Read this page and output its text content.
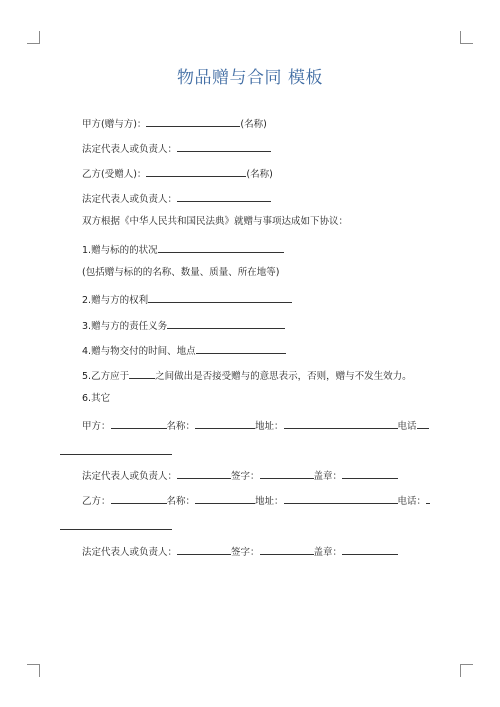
物品赠与合同 模板
甲方(赠与方)：	(名称)
法定代表人或负责人：
乙方(受赠人)：	(名称)
法定代表人或负责人：
双方根据《中华人民共和国民法典》就赠与事项达成如下协议：
1.赠与标的的状况
(包括赠与标的的名称、数量、质量、所在地等)
2.赠与方的权利
3.赠与方的责任义务
4.赠与物交付的时间、地点
5.乙方应于	之间做出是否接受赠与的意思表示，否则，赠与不发生效力。
6.其它
甲方：	名称：	地址：	电话
法定代表人或负责人：	签字：	盖章：
乙方：	名称：	地址：	电话：
法定代表人或负责人：	签字：	盖章：
